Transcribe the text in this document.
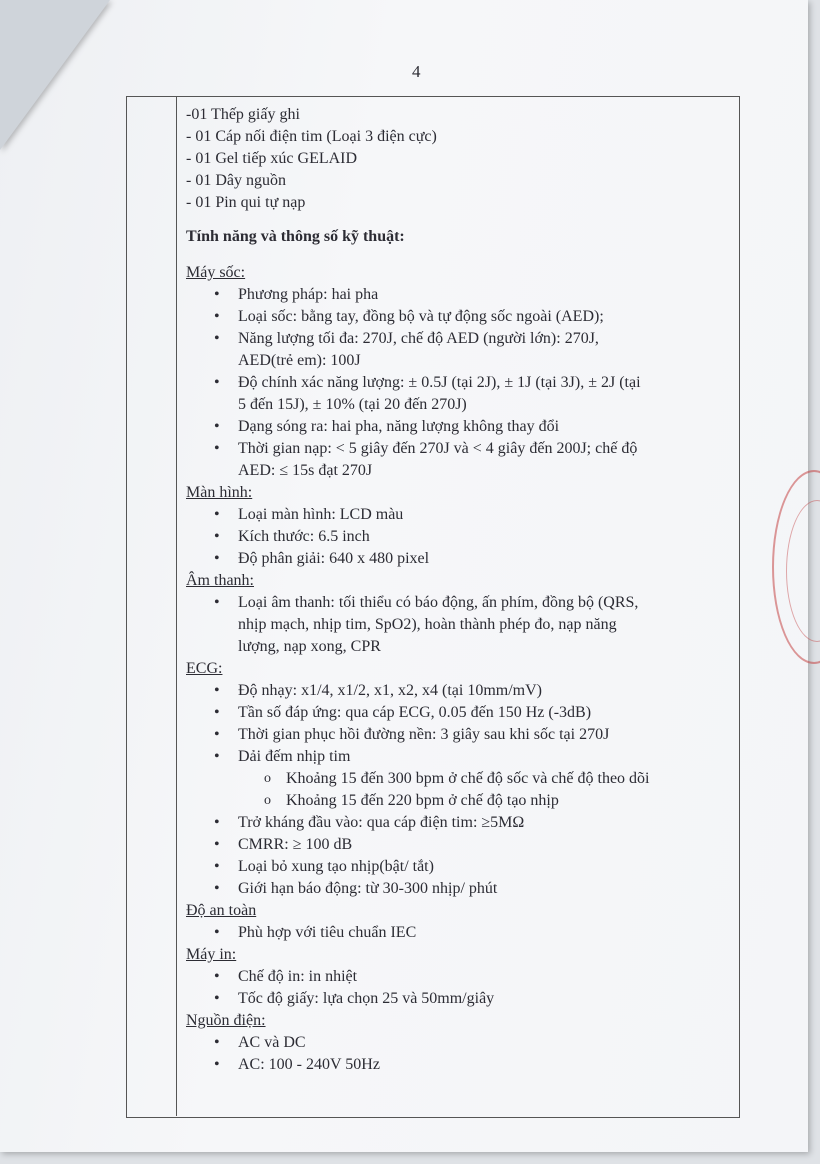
4
-01 Thếp giấy ghi
- 01 Cáp nối điện tim (Loại 3 điện cực)
- 01 Gel tiếp xúc GELAID
- 01 Dây nguồn
- 01 Pin qui tự nạp
Tính năng và thông số kỹ thuật:
Máy sốc:
• Phương pháp: hai pha
• Loại sốc: bằng tay, đồng bộ và tự động sốc ngoài (AED);
• Năng lượng tối đa: 270J, chế độ AED (người lớn): 270J,
AED(trẻ em): 100J
• Độ chính xác năng lượng: ± 0.5J (tại 2J), ± 1J (tại 3J), ± 2J (tại
5 đến 15J), ± 10% (tại 20 đến 270J)
• Dạng sóng ra: hai pha, năng lượng không thay đổi
• Thời gian nạp: < 5 giây đến 270J và < 4 giây đến 200J; chế độ
AED: ≤ 15s đạt 270J
Màn hình:
• Loại màn hình: LCD màu
• Kích thước: 6.5 inch
• Độ phân giải: 640 x 480 pixel
Âm thanh:
• Loại âm thanh: tối thiểu có báo động, ấn phím, đồng bộ (QRS,
nhịp mạch, nhịp tim, SpO2), hoàn thành phép đo, nạp năng
lượng, nạp xong, CPR
ECG:
• Độ nhạy: x1/4, x1/2, x1, x2, x4 (tại 10mm/mV)
• Tần số đáp ứng: qua cáp ECG, 0.05 đến 150 Hz (-3dB)
• Thời gian phục hồi đường nền: 3 giây sau khi sốc tại 270J
• Dải đếm nhịp tim
o Khoảng 15 đến 300 bpm ở chế độ sốc và chế độ theo dõi
o Khoảng 15 đến 220 bpm ở chế độ tạo nhịp
• Trở kháng đầu vào: qua cáp điện tim: ≥5MΩ
• CMRR: ≥ 100 dB
• Loại bỏ xung tạo nhịp(bật/ tắt)
• Giới hạn báo động: từ 30-300 nhịp/ phút
Độ an toàn
• Phù hợp với tiêu chuẩn IEC
Máy in:
• Chế độ in: in nhiệt
• Tốc độ giấy: lựa chọn 25 và 50mm/giây
Nguồn điện:
• AC và DC
• AC: 100 - 240V 50Hz
